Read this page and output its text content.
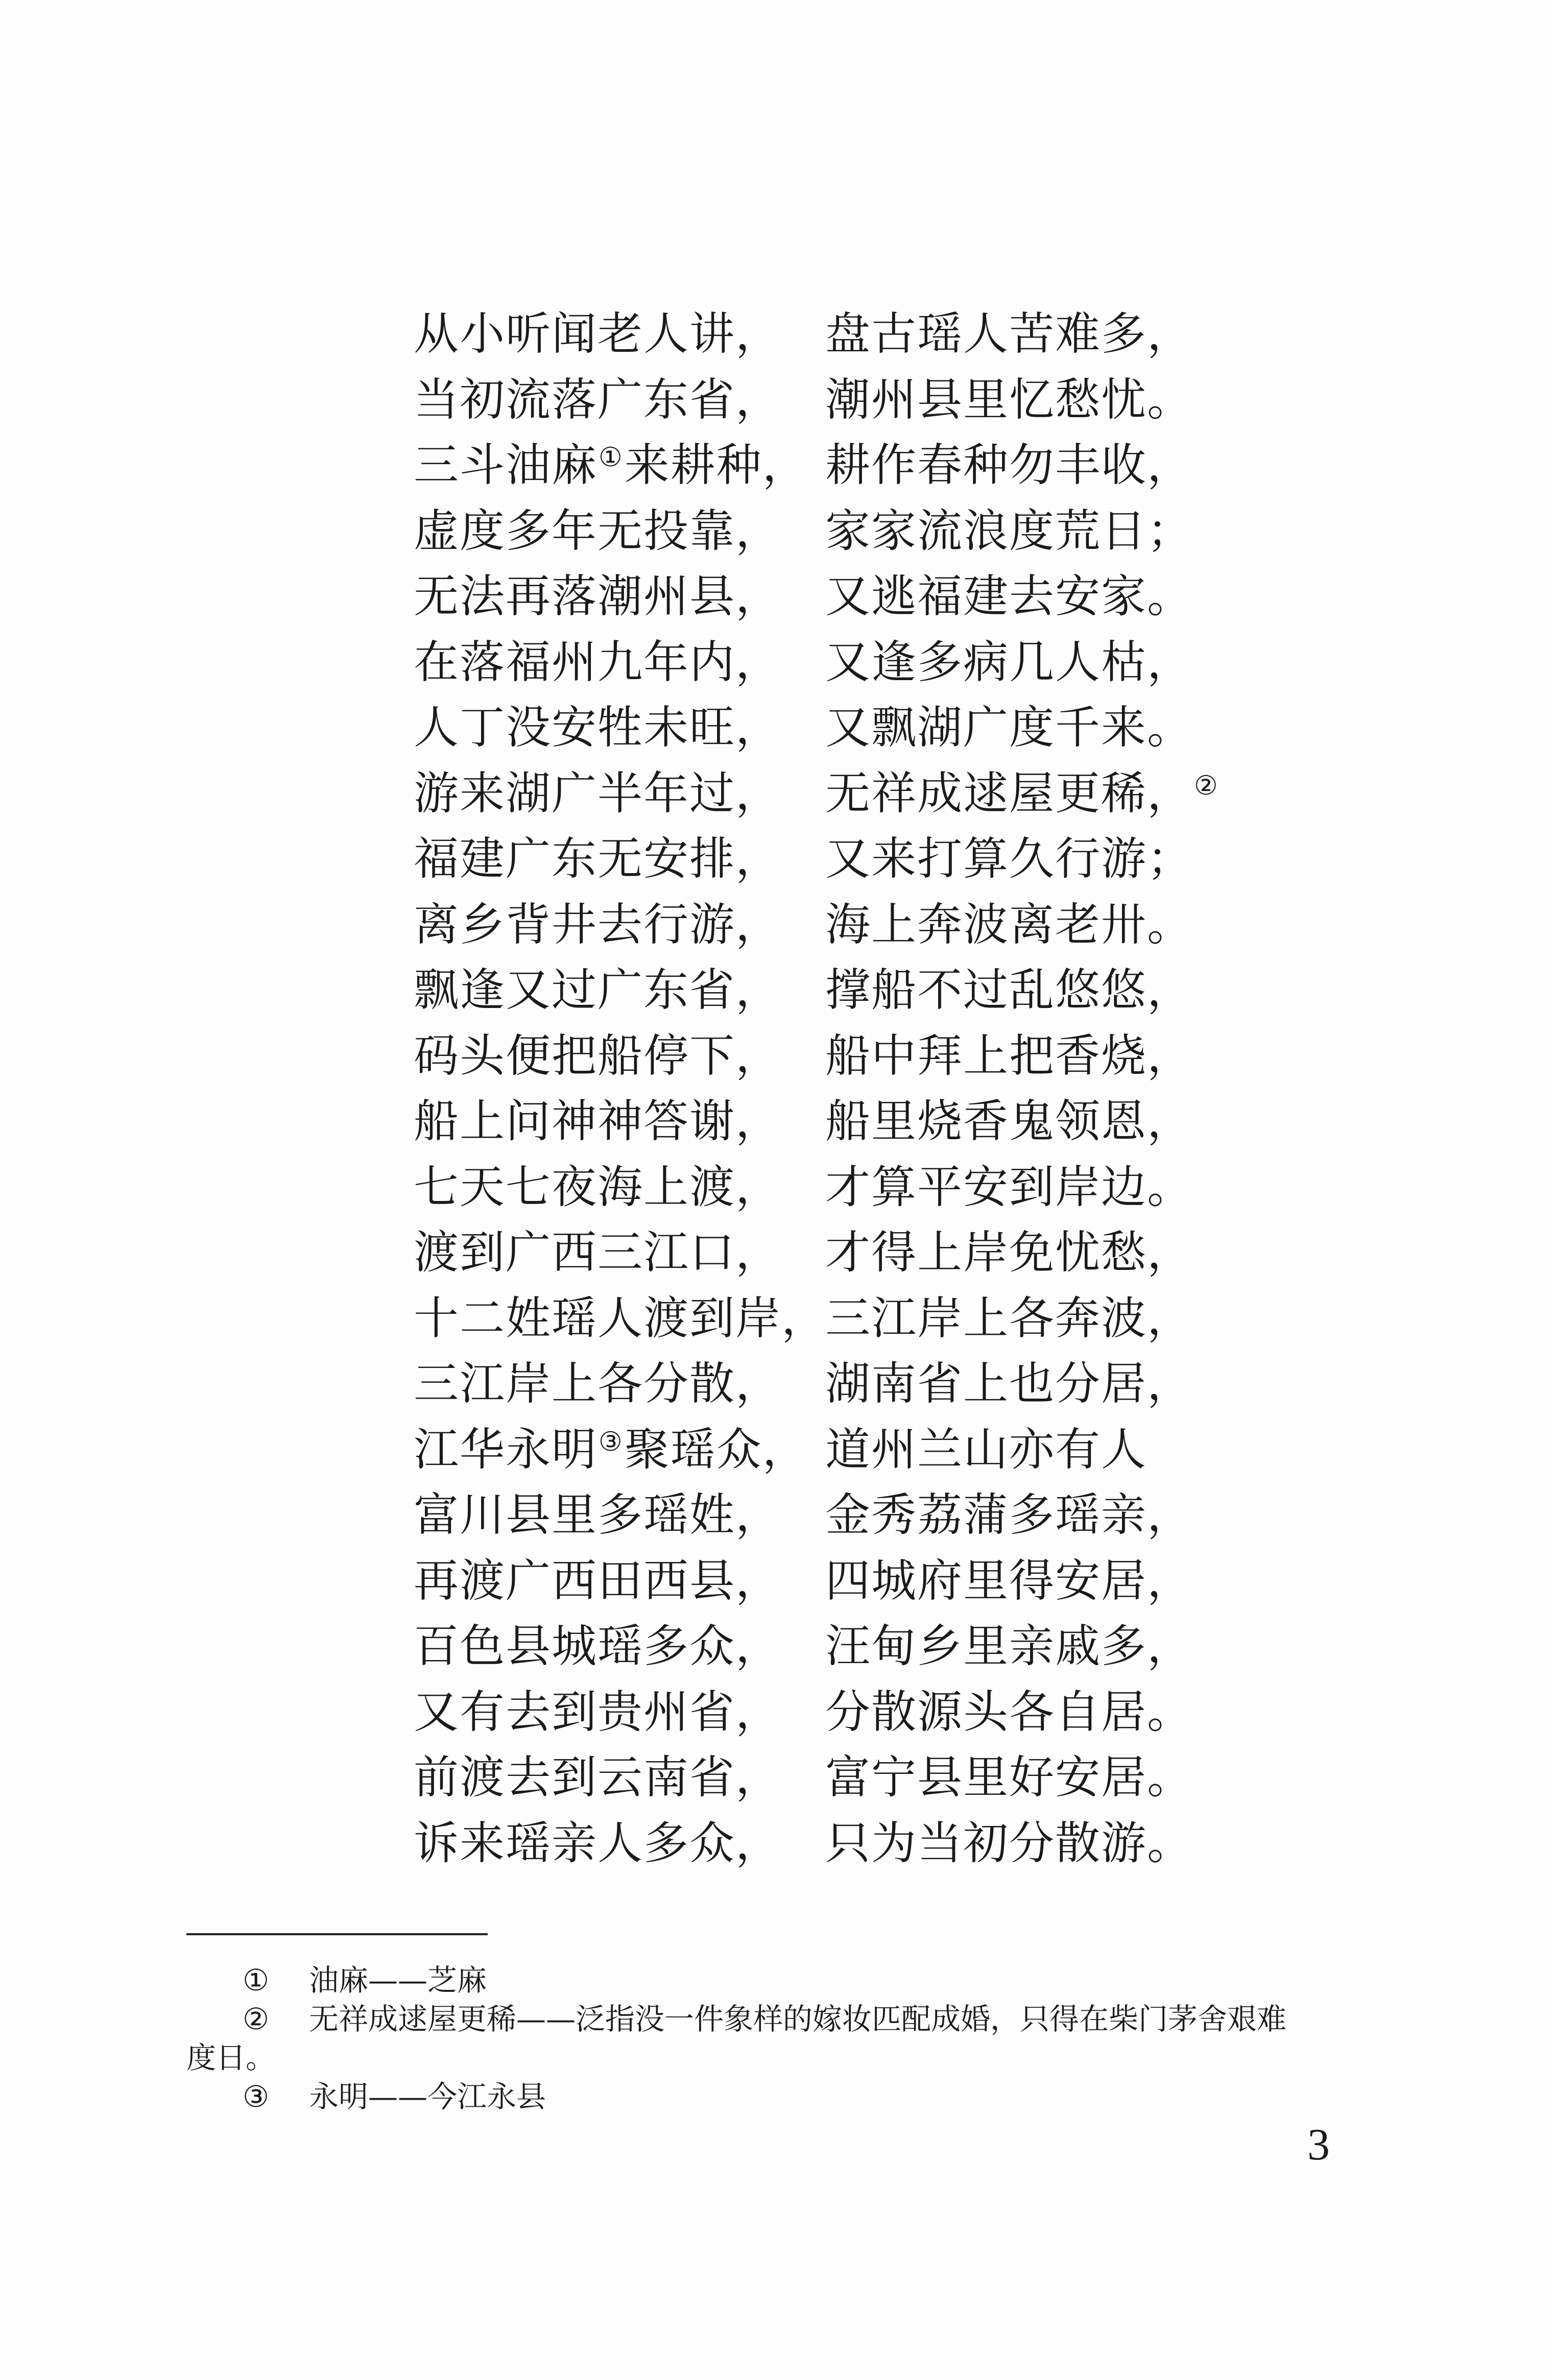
从小听闻老人讲， 盘古瑶人苦难多，
当初流落广东省， 潮州县里忆愁忧。
三斗油麻①来耕种， 耕作春种勿丰收，
虚度多年无投靠， 家家流浪度荒日；
无法再落潮州县， 又逃福建去安家。
在落福州九年内， 又逢多病几人枯，
人丁没安牲未旺， 又飘湖广度千来。
游来湖广半年过， 无祥成逑屋更稀，②
福建广东无安排， 又来打算久行游；
离乡背井去行游， 海上奔波离老卅。
飘逢又过广东省， 撑船不过乱悠悠，
码头便把船停下， 船中拜上把香烧，
船上问神神答谢， 船里烧香鬼领恩，
七天七夜海上渡， 才算平安到岸边。
渡到广西三江口， 才得上岸免忧愁，
十二姓瑶人渡到岸，
三江岸上各奔波，
三江岸上各分散， 湖南省上也分居，
江华永明③聚瑶众， 道州兰山亦有人
富川县里多瑶姓， 金秀荔蒲多瑶亲，
再渡广西田西县， 四城府里得安居，
百色县城瑶多众， 汪甸乡里亲戚多，
又有去到贵州省， 分散源头各自居。
前渡去到云南省， 富宁县里好安居。
诉来瑶亲人多众， 只为当初分散游。
① 油麻——芝麻
② 无祥成逑屋更稀——泛指没一件象样的嫁妆匹配成婚，只得在柴门茅舍艰难
度日。
③ 永明——今江永县
3
